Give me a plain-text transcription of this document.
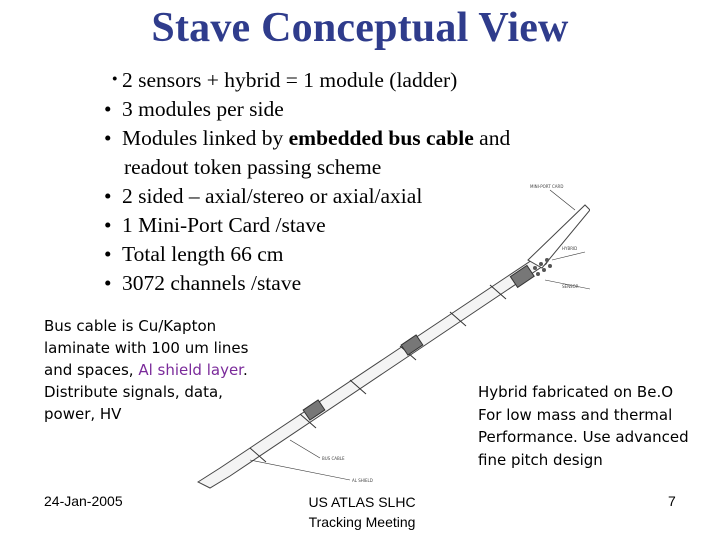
Stave Conceptual View
・2 sensors + hybrid = 1 module (ladder)
• 3 modules per side
• Modules linked by embedded bus cable and
readout token passing scheme
• 2 sided – axial/stereo or axial/axial
• 1 Mini-Port Card /stave
• Total length 66 cm
• 3072 channels /stave
MINI-PORT CARD
HYBRID
SENSOR
BUS CABLE
AL SHIELD
Bus cable is Cu/Kapton
laminate with 100 um lines
and spaces, Al shield layer.
Distribute signals, data,
power, HV
Hybrid fabricated on Be.O
For low mass and thermal
Performance. Use advanced
fine pitch design
24-Jan-2005	US ATLAS SLHC
Tracking Meeting
7
